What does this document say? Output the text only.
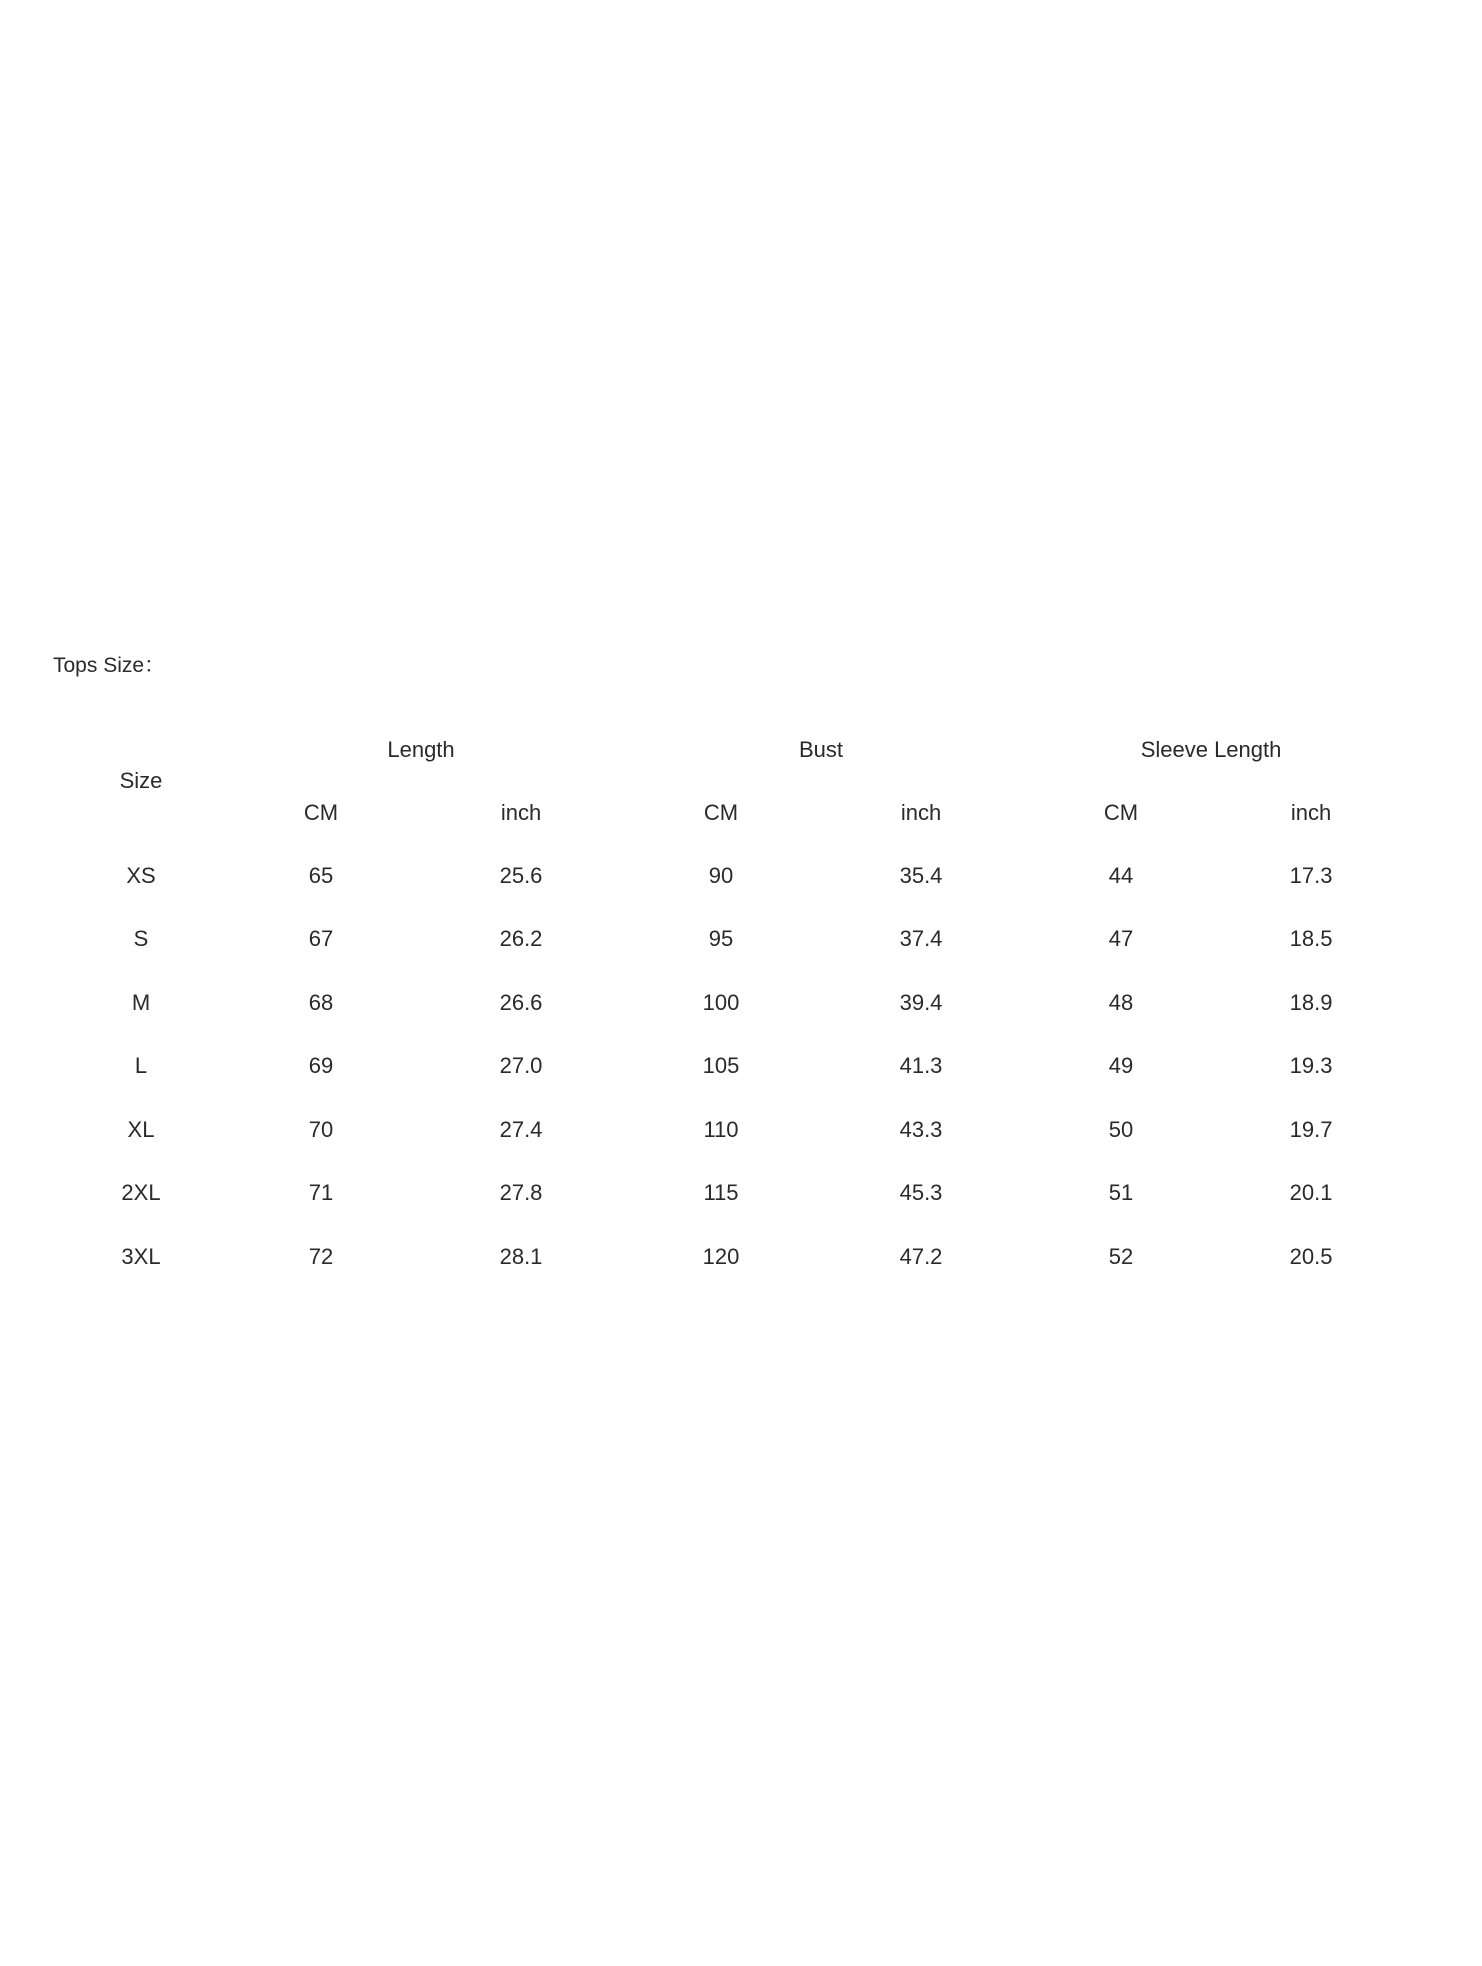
Tops Size：
Size	Length		Bust		Sleeve Length	
	CM	inch	CM	inch	CM	inch
XS	65	25.6	90	35.4	44	17.3
S	67	26.2	95	37.4	47	18.5
M	68	26.6	100	39.4	48	18.9
L	69	27.0	105	41.3	49	19.3
XL	70	27.4	110	43.3	50	19.7
2XL	71	27.8	115	45.3	51	20.1
3XL	72	28.1	120	47.2	52	20.5
